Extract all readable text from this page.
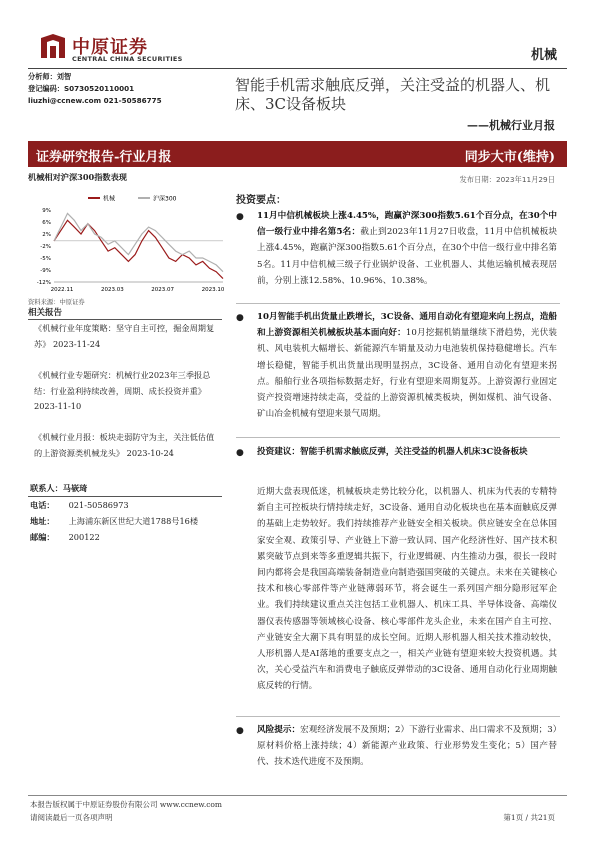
中原证券
CENTRAL CHINA SECURITIES	机械
分析师：刘智
登记编码：S0730520110001
liuzhi@ccnew.com 021-50586775
智能手机需求触底反弹，关注受益的机器人、机床、3C设备板块
——机械行业月报
证券研究报告-行业月报	同步大市(维持)
机械相对沪深300指数表现	发布日期：2023年11月29日
机械	沪深300
9%
6%
2%
-2%
-5%
-9%
-12%
2022.11	2023.03	2023.07	2023.10
资料来源：中原证券
相关报告
《机械行业年度策略：坚守自主可控，掘金周期复苏》 2023-11-24
《机械行业专题研究：机械行业2023年三季报总结：行业盈利持续改善，周期、成长投资并重》 2023-11-10
《机械行业月报：板块走弱防守为主，关注低估值的上游资源类机械龙头》 2023-10-24
联系人：马嵚琦
电话： 021-50586973
地址： 上海浦东新区世纪大道1788号16楼
邮编： 200122
投资要点：
● 11月中信机械板块上涨4.45%，跑赢沪深300指数5.61个百分点，在30个中信一级行业中排名第5名：截止到2023年11月27日收盘，11月中信机械板块上涨4.45%，跑赢沪深300指数5.61个百分点，在30个中信一级行业中排名第5名。11月中信机械三级子行业锅炉设备、工业机器人、其他运输机械表现居前，分别上涨12.58%、10.96%、10.38%。
● 10月智能手机出货量止跌增长，3C设备、通用自动化有望迎来向上拐点，造船和上游资源相关机械板块基本面向好：10月挖掘机销量继续下滑趋势，光伏装机、风电装机大幅增长、新能源汽车销量及动力电池装机保持稳健增长。汽车增长稳健，智能手机出货量出现明显拐点，3C设备、通用自动化有望迎来拐点。船舶行业各项指标数据走好，行业有望迎来周期复苏。上游资源行业固定资产投资增速持续走高，受益的上游资源机械类板块，例如煤机、油气设备、矿山冶金机械有望迎来景气周期。
● 投资建议：智能手机需求触底反弹，关注受益的机器人机床3C设备板块
近期大盘表现低迷，机械板块走势比较分化，以机器人、机床为代表的专精特新自主可控板块行情持续走好，3C设备、通用自动化板块也在基本面触底反弹的基础上走势较好。我们持续推荐产业链安全相关板块。供应链安全在总体国家安全观、政策引导、产业链上下游一致认同、国产化经济性好、国产技术积累突破节点到来等多重逻辑共振下，行业逻辑硬、内生推动力强，很长一段时间内都将会是我国高端装备制造业向制造强国突破的关键点。未来在关键核心技术和核心零部件等产业链薄弱环节，将会诞生一系列国产细分隐形冠军企业。我们持续建议重点关注包括工业机器人、机床工具、半导体设备、高端仪器仪表传感器等领域核心设备、核心零部件龙头企业，未来在国产自主可控、产业链安全大潮下具有明显的成长空间。近期人形机器人相关技术推动较快，人形机器人是AI落地的重要支点之一，相关产业链有望迎来较大投资机遇。其次，关心受益汽车和消费电子触底反弹带动的3C设备、通用自动化行业周期触底反转的行情。
● 风险提示：宏观经济发展不及预期；2）下游行业需求、出口需求不及预期；3）原材料价格上涨持续；4）新能源产业政策、行业形势发生变化；5）国产替代、技术迭代进度不及预期。
本报告版权属于中原证券股份有限公司 www.ccnew.com
请阅读最后一页各项声明	第1页 / 共21页
